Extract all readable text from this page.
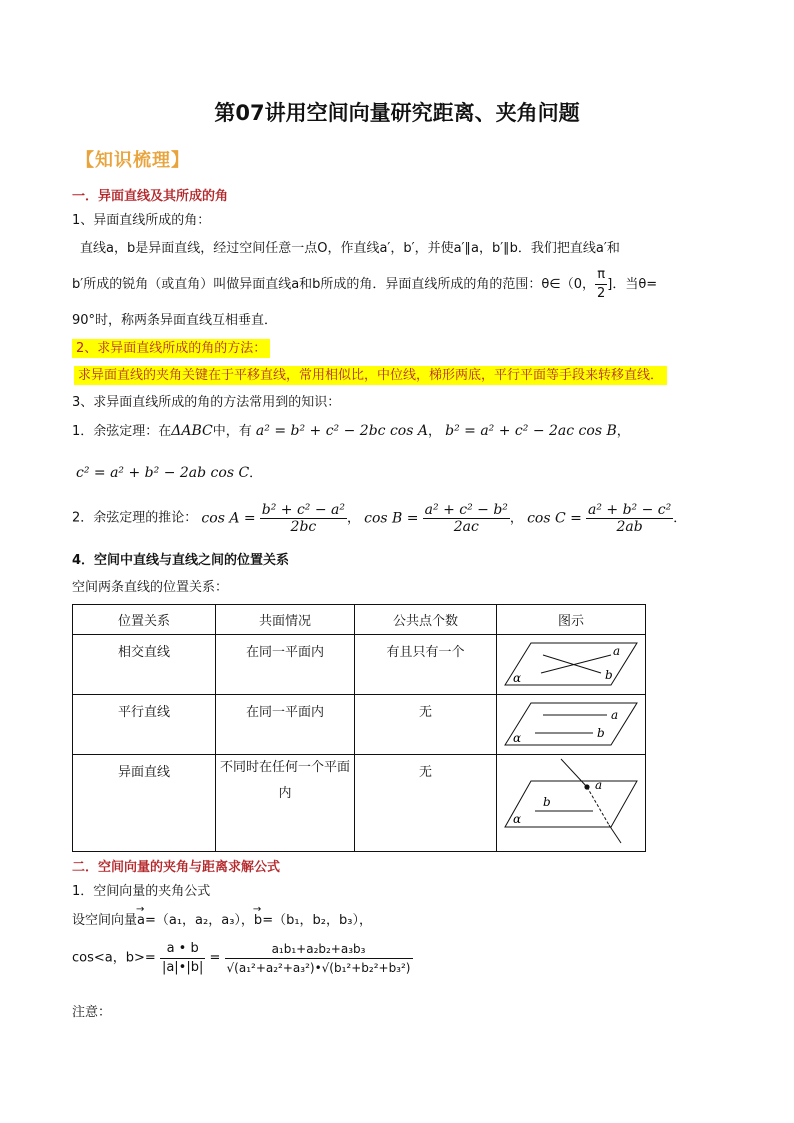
第07讲用空间向量研究距离、夹角问题
【知识梳理】
一．异面直线及其所成的角
1、异面直线所成的角：
直线a，b是异面直线，经过空间任意一点O，作直线a′，b′，并使a′∥a，b′∥b．我们把直线a′和
b′所成的锐角（或直角）叫做异面直线a和b所成的角．异面直线所成的角的范围：θ∈（0， $\frac{\pi}{2}$ ]．当θ=
90°时，称两条异面直线互相垂直．
2、求异面直线所成的角的方法：
求异面直线的夹角关键在于平移直线，常用相似比，中位线，梯形两底，平行平面等手段来转移直线．
3、求异面直线所成的角的方法常用到的知识：
1．余弦定理：在ΔABC中，有 a² = b² + c² − 2bc cos A， b² = a² + c² − 2ac cos B，
c² = a² + b² − 2ab cos C．
2．余弦定理的推论： $\cos A = \frac{\text{b² + c² − a²}}{2bc}$ ， $\cos B = \frac{\text{a² + c² − b²}}{2ac}$ ， $\cos C = \frac{\text{a² + b² − c²}}{2ab}$ ．
4．空间中直线与直线之间的位置关系
空间两条直线的位置关系：
位置关系	共面情况	公共点个数	图示
相交直线	在同一平面内	有且只有一个	a
b
α

平行直线	在同一平面内	无	a
b
α

异面直线	不同时在任何一个平面内	无	a
b
α
二．空间向量的夹角与距离求解公式
1．空间向量的夹角公式
设空间向量→ a=（a₁，a₂，a₃），→ b=（b₁，b₂，b₃），
cos<a，$b>= \frac{a • b}{|a|•|b|} = \frac{\text{a₁b₁+a₂b₂+a₃b₃}}{\text{√(a₁²+a₂²+a₃²)•√(b₁²+b₂²+b₃²)}}$
注意：
